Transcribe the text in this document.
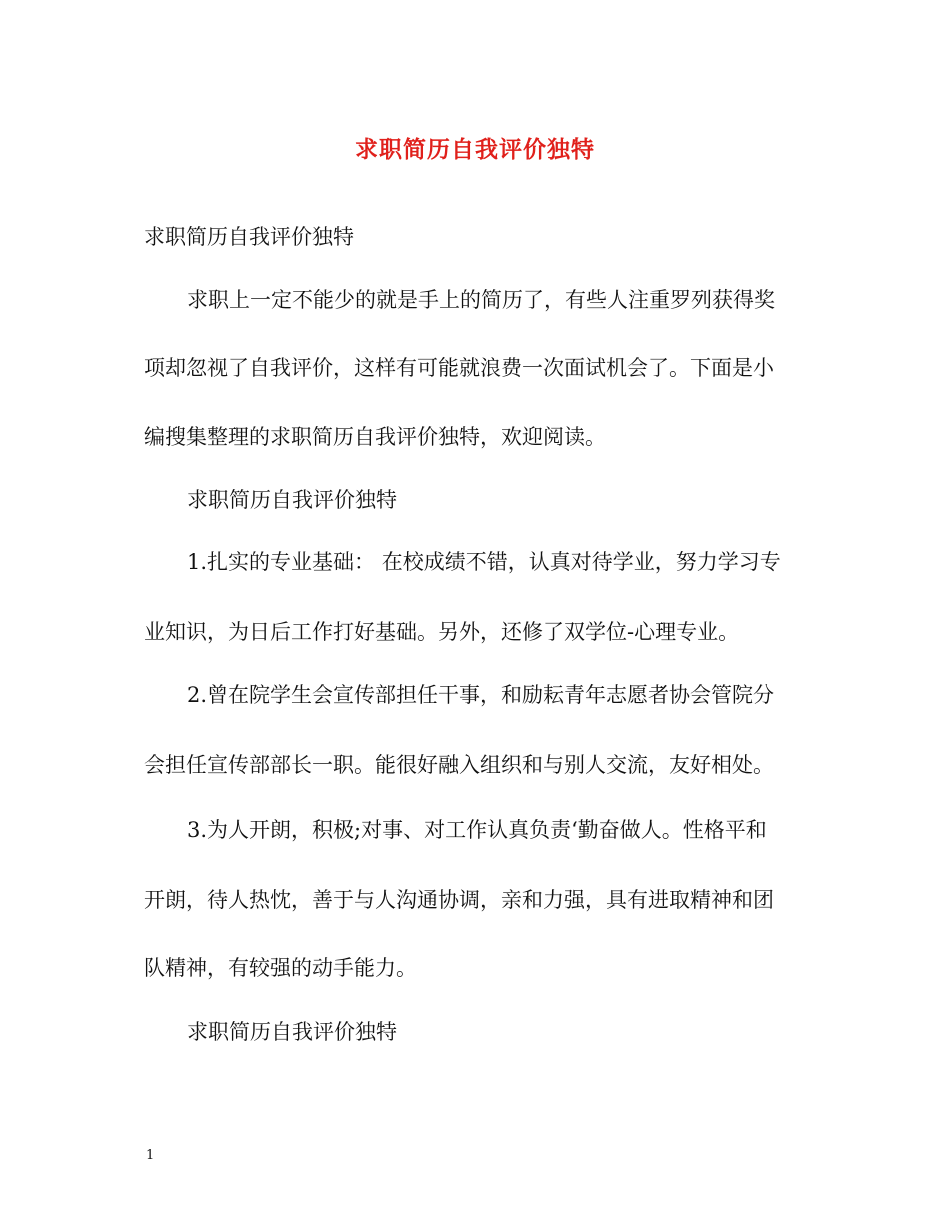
求职简历自我评价独特
求职简历自我评价独特
求职上一定不能少的就是手上的简历了，有些人注重罗列获得奖
项却忽视了自我评价，这样有可能就浪费一次面试机会了。下面是小
编搜集整理的求职简历自我评价独特，欢迎阅读。
求职简历自我评价独特
1.扎实的专业基础： 在校成绩不错，认真对待学业，努力学习专
业知识，为日后工作打好基础。另外，还修了双学位-心理专业。
2.曾在院学生会宣传部担任干事，和励耘青年志愿者协会管院分
会担任宣传部部长一职。能很好融入组织和与别人交流，友好相处。
3.为人开朗，积极;对事、对工作认真负责‘勤奋做人。性格平和
开朗，待人热忱，善于与人沟通协调，亲和力强，具有进取精神和团
队精神，有较强的动手能力。
求职简历自我评价独特
1
